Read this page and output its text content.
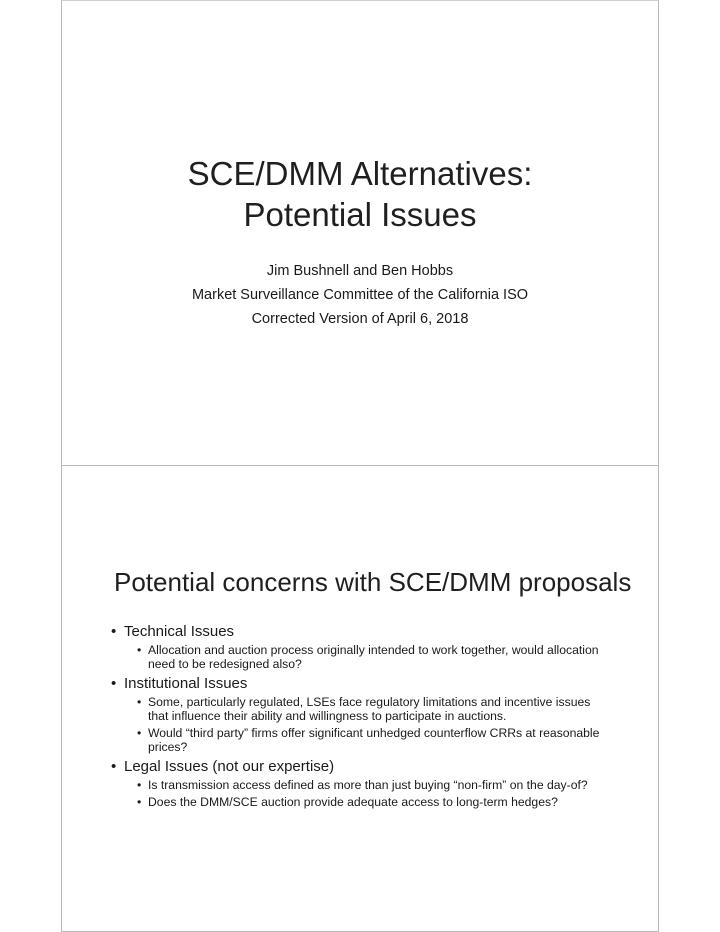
SCE/DMM Alternatives:
Potential Issues
Jim Bushnell and Ben Hobbs
Market Surveillance Committee of the California ISO
Corrected Version of April 6, 2018
Potential concerns with SCE/DMM proposals
• Technical Issues
• Allocation and auction process originally intended to work together, would allocation need to be redesigned also?
• Institutional Issues
• Some, particularly regulated, LSEs face regulatory limitations and incentive issues that influence their ability and willingness to participate in auctions.
• Would “third party” firms offer significant unhedged counterflow CRRs at reasonable prices?
• Legal Issues (not our expertise)
• Is transmission access defined as more than just buying “non-firm” on the day-of?
• Does the DMM/SCE auction provide adequate access to long-term hedges?
